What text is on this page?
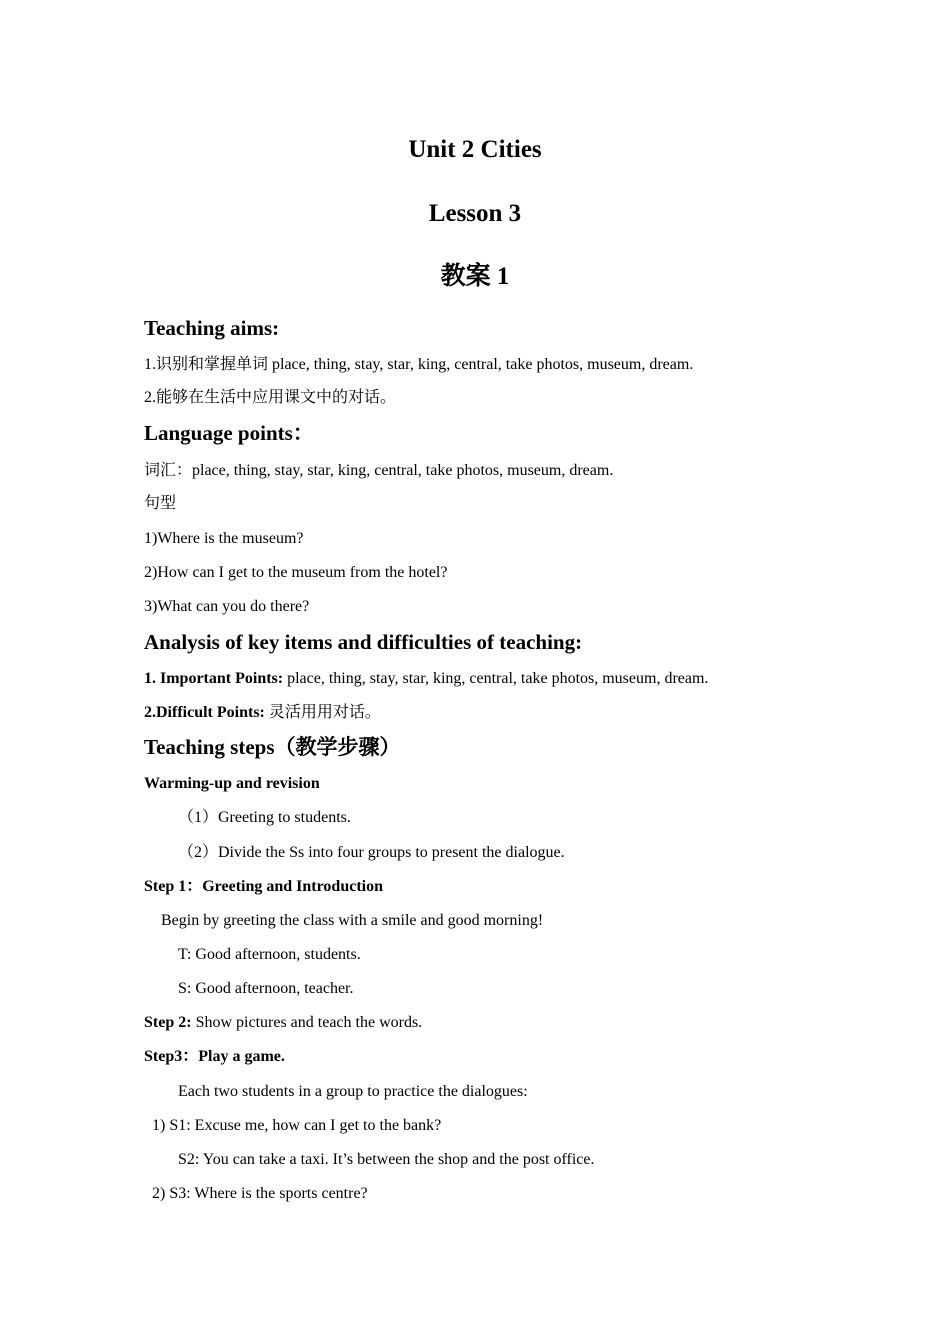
Unit 2 Cities
Lesson 3
教案 1
Teaching aims:
1.识别和掌握单词 place, thing, stay, star, king, central, take photos, museum, dream.
2.能够在生活中应用课文中的对话。
Language points：
词汇：place, thing, stay, star, king, central, take photos, museum, dream.
句型
1)Where is the museum?
2)How can I get to the museum from the hotel?
3)What can you do there?
Analysis of key items and difficulties of teaching:
1. Important Points: place, thing, stay, star, king, central, take photos, museum, dream.
2.Difficult Points: 灵活用用对话。
Teaching steps（教学步骤）
Warming-up and revision
（1）Greeting to students.
（2）Divide the Ss into four groups to present the dialogue.
Step 1：Greeting and Introduction
Begin by greeting the class with a smile and good morning!
T: Good afternoon, students.
S: Good afternoon, teacher.
Step 2: Show pictures and teach the words.
Step3：Play a game.
Each two students in a group to practice the dialogues:
1) S1: Excuse me, how can I get to the bank?
S2: You can take a taxi. It’s between the shop and the post office.
2) S3: Where is the sports centre?
